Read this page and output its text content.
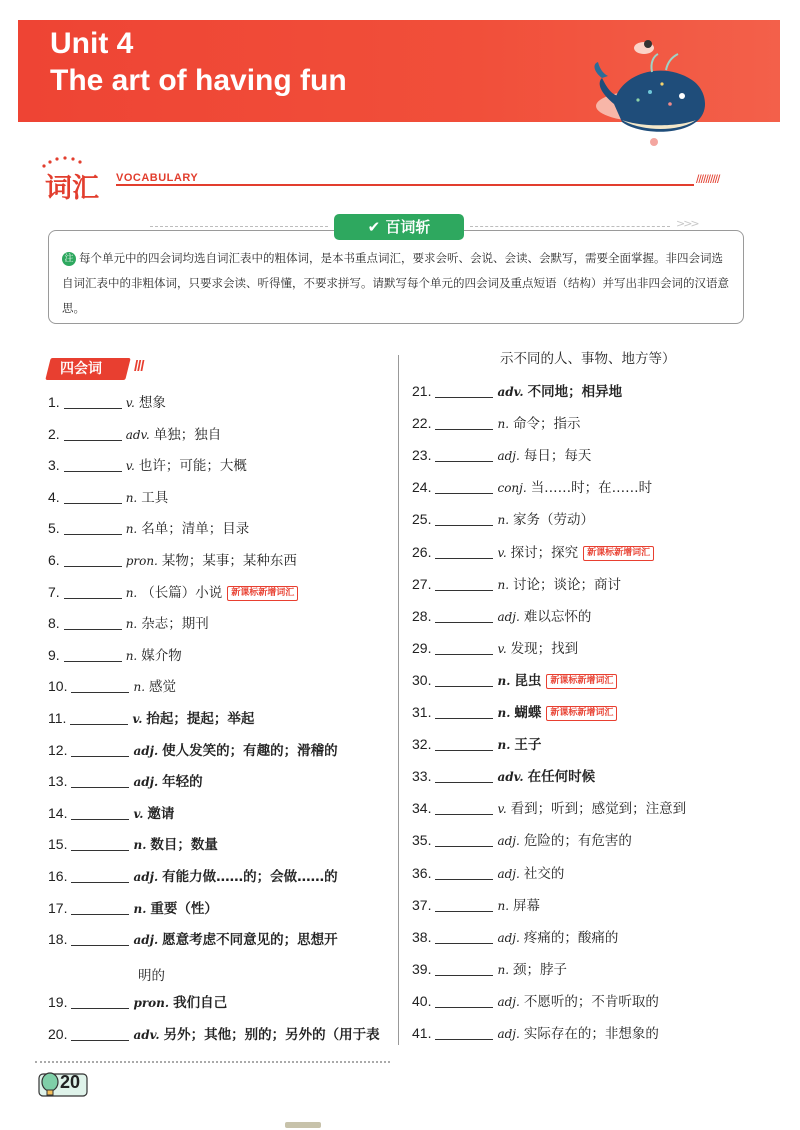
Unit 4
The art of having fun
词汇 VOCABULARY	//////////
>>>
✔ 百词斩

注 每个单元中的四会词均选自词汇表中的粗体词，是本书重点词汇，要求会听、会说、会读、会默写，需要全面掌握。非四会词选自词汇表中的非粗体词，只要求会读、听得懂，不要求拼写。请默写每个单元的四会词及重点短语（结构）并写出非四会词的汉语意思。

四会词 ///
1.	v. 想象
2.	adv. 单独；独自
3.	v. 也许；可能；大概
4.	n. 工具
5.	n. 名单；清单；目录
6.	pron. 某物；某事；某种东西
7.	n. （长篇）小说 新课标新增词汇
8.	n. 杂志；期刊
9.	n. 媒介物
10.	n. 感觉
11.	v. 抬起；提起；举起
12.	adj. 使人发笑的；有趣的；滑稽的
13.	adj. 年轻的
14.	v. 邀请
15.	n. 数目；数量
16.	adj. 有能力做……的；会做……的
17.	n. 重要（性）
18.	adj. 愿意考虑不同意见的；思想开
19.	pron. 我们自己
20.	adv. 另外；其他；别的；另外的（用于表
21.	adv. 不同地；相异地
22.	n. 命令；指示
23.	adj. 每日；每天
24.	conj. 当……时；在……时
25.	n. 家务（劳动）
26.	v. 探讨；探究 新课标新增词汇
27.	n. 讨论；谈论；商讨
28.	adj. 难以忘怀的
29.	v. 发现；找到
30.	n. 昆虫 新课标新增词汇
31.	n. 蝴蝶 新课标新增词汇
32.	n. 王子
33.	adv. 在任何时候
34.	v. 看到；听到；感觉到；注意到
35.	adj. 危险的；有危害的
36.	adj. 社交的
37.	n. 屏幕
38.	adj. 疼痛的；酸痛的
39.	n. 颈；脖子
40.	adj. 不愿听的；不肯听取的
41.	adj. 实际存在的；非想象的
明的
示不同的人、事物、地方等）
20
